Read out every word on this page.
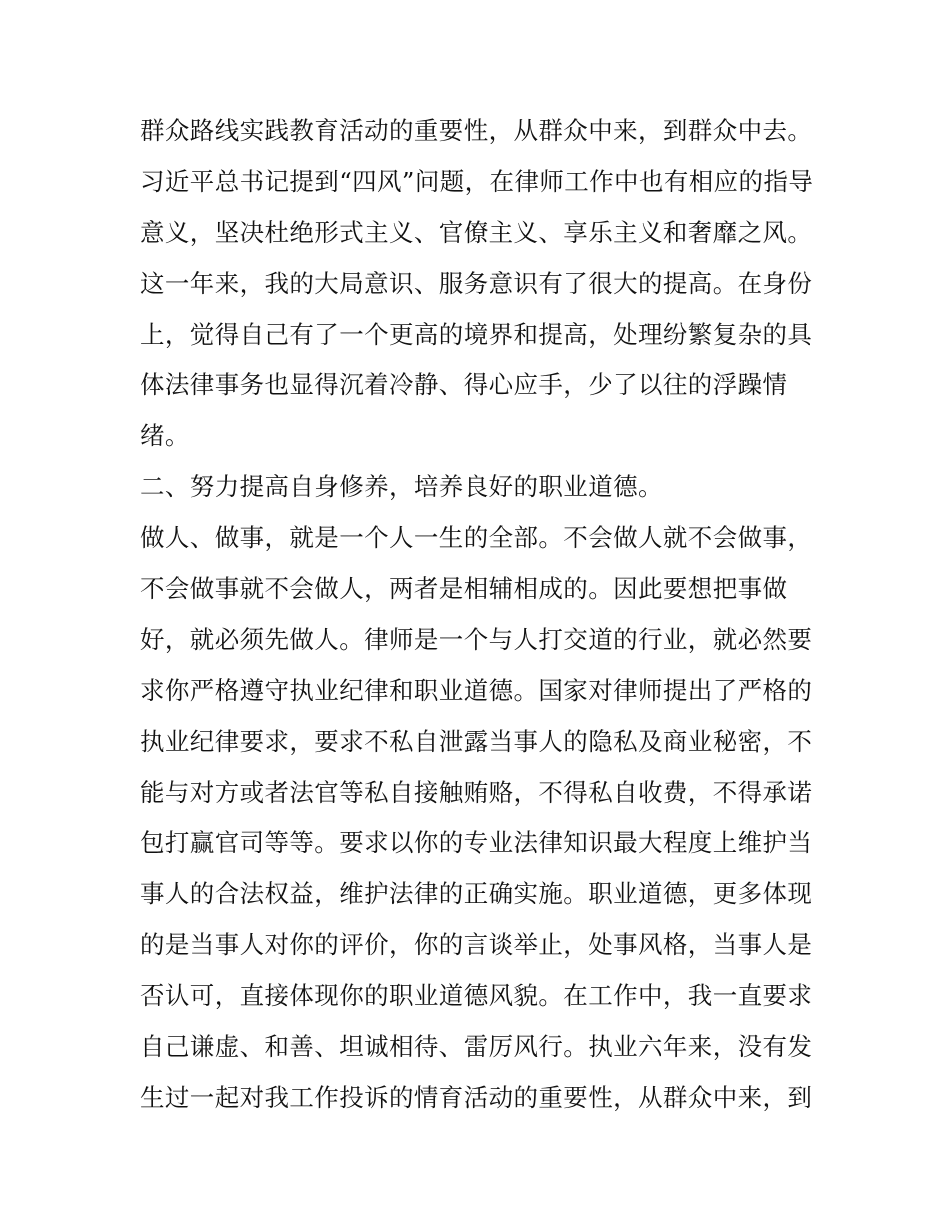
群众路线实践教育活动的重要性，从群众中来，到群众中去。
习近平总书记提到“四风”问题，在律师工作中也有相应的指导
意义，坚决杜绝形式主义、官僚主义、享乐主义和奢靡之风。
这一年来，我的大局意识、服务意识有了很大的提高。在身份
上，觉得自己有了一个更高的境界和提高，处理纷繁复杂的具
体法律事务也显得沉着冷静、得心应手，少了以往的浮躁情
绪。
二、努力提高自身修养，培养良好的职业道德。
做人、做事，就是一个人一生的全部。不会做人就不会做事，
不会做事就不会做人，两者是相辅相成的。因此要想把事做
好，就必须先做人。律师是一个与人打交道的行业，就必然要
求你严格遵守执业纪律和职业道德。国家对律师提出了严格的
执业纪律要求，要求不私自泄露当事人的隐私及商业秘密，不
能与对方或者法官等私自接触贿赂，不得私自收费，不得承诺
包打赢官司等等。要求以你的专业法律知识最大程度上维护当
事人的合法权益，维护法律的正确实施。职业道德，更多体现
的是当事人对你的评价，你的言谈举止，处事风格，当事人是
否认可，直接体现你的职业道德风貌。在工作中，我一直要求
自己谦虚、和善、坦诚相待、雷厉风行。执业六年来，没有发
生过一起对我工作投诉的情育活动的重要性，从群众中来，到
